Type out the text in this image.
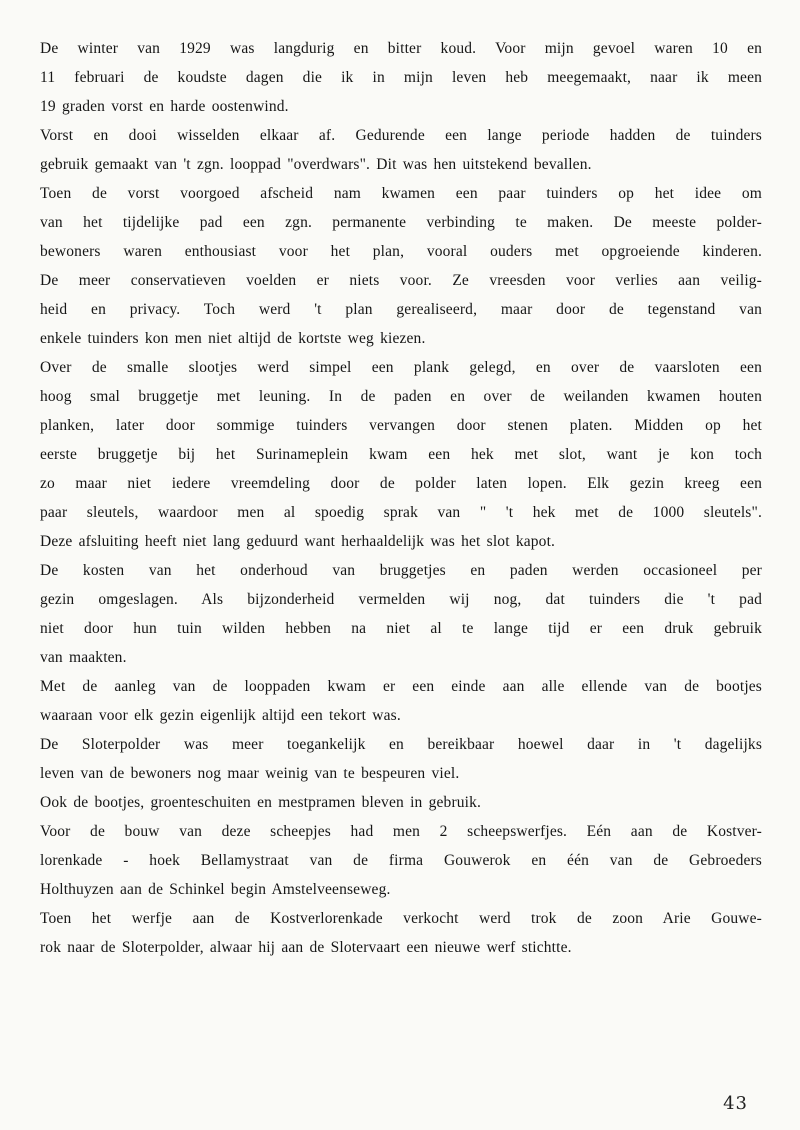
De winter van 1929 was langdurig en bitter koud. Voor mijn gevoel waren 10 en
11 februari de koudste dagen die ik in mijn leven heb meegemaakt, naar ik meen
19 graden vorst en harde oostenwind.

Vorst en dooi wisselden elkaar af. Gedurende een lange periode hadden de tuinders
gebruik gemaakt van 't zgn. looppad "overdwars". Dit was hen uitstekend bevallen.

Toen de vorst voorgoed afscheid nam kwamen een paar tuinders op het idee om
van het tijdelijke pad een zgn. permanente verbinding te maken. De meeste polder-
bewoners waren enthousiast voor het plan, vooral ouders met opgroeiende kinderen.
De meer conservatieven voelden er niets voor. Ze vreesden voor verlies aan veilig-
heid en privacy. Toch werd 't plan gerealiseerd, maar door de tegenstand van
enkele tuinders kon men niet altijd de kortste weg kiezen.

Over de smalle slootjes werd simpel een plank gelegd, en over de vaarsloten een
hoog smal bruggetje met leuning. In de paden en over de weilanden kwamen houten
planken, later door sommige tuinders vervangen door stenen platen. Midden op het
eerste bruggetje bij het Surinameplein kwam een hek met slot, want je kon toch
zo maar niet iedere vreemdeling door de polder laten lopen. Elk gezin kreeg een
paar sleutels, waardoor men al spoedig sprak van " 't hek met de 1000 sleutels".
Deze afsluiting heeft niet lang geduurd want herhaaldelijk was het slot kapot.

De kosten van het onderhoud van bruggetjes en paden werden occasioneel per
gezin omgeslagen. Als bijzonderheid vermelden wij nog, dat tuinders die 't pad
niet door hun tuin wilden hebben na niet al te lange tijd er een druk gebruik
van maakten.

Met de aanleg van de looppaden kwam er een einde aan alle ellende van de bootjes
waaraan voor elk gezin eigenlijk altijd een tekort was.

De Sloterpolder was meer toegankelijk en bereikbaar hoewel daar in 't dagelijks
leven van de bewoners nog maar weinig van te bespeuren viel.

Ook de bootjes, groenteschuiten en mestpramen bleven in gebruik.

Voor de bouw van deze scheepjes had men 2 scheepswerfjes. Eén aan de Kostver-
lorenkade - hoek Bellamystraat van de firma Gouwerok en één van de Gebroeders
Holthuyzen aan de Schinkel begin Amstelveenseweg.

Toen het werfje aan de Kostverlorenkade verkocht werd trok de zoon Arie Gouwe-
rok naar de Sloterpolder, alwaar hij aan de Slotervaart een nieuwe werf stichtte.

43
